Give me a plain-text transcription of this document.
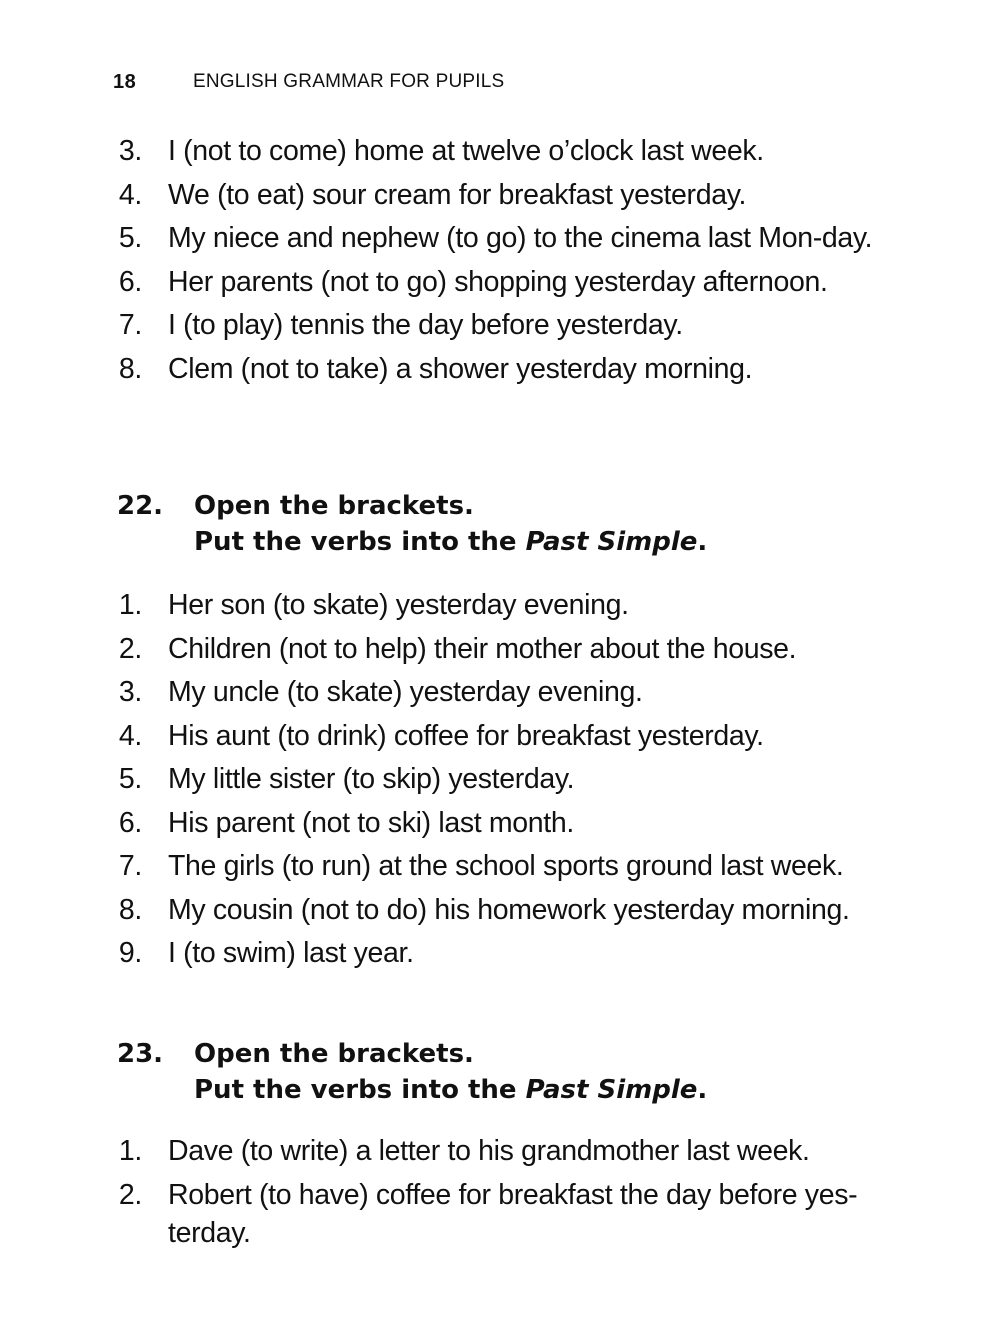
18	ENGLISH GRAMMAR FOR PUPILS
3. I (not to come) home at twelve o’clock last week.
4. We (to eat) sour cream for breakfast yesterday.
5. My niece and nephew (to go) to the cinema last Mon-day.
6. Her parents (not to go) shopping yesterday afternoon.
7. I (to play) tennis the day before yesterday.
8. Clem (not to take) a shower yesterday morning.
22.	Open the brackets.
Put the verbs into the Past Simple.
1. Her son (to skate) yesterday evening.
2. Children (not to help) their mother about the house.
3. My uncle (to skate) yesterday evening.
4. His aunt (to drink) coffee for breakfast yesterday.
5. My little sister (to skip) yesterday.
6. His parent (not to ski) last month.
7. The girls (to run) at the school sports ground last week.
8. My cousin (not to do) his homework yesterday morning.
9. I (to swim) last year.
23.	Open the brackets.
Put the verbs into the Past Simple.
1. Dave (to write) a letter to his grandmother last week.
2. Robert (to have) coffee for breakfast the day before yes-terday.
